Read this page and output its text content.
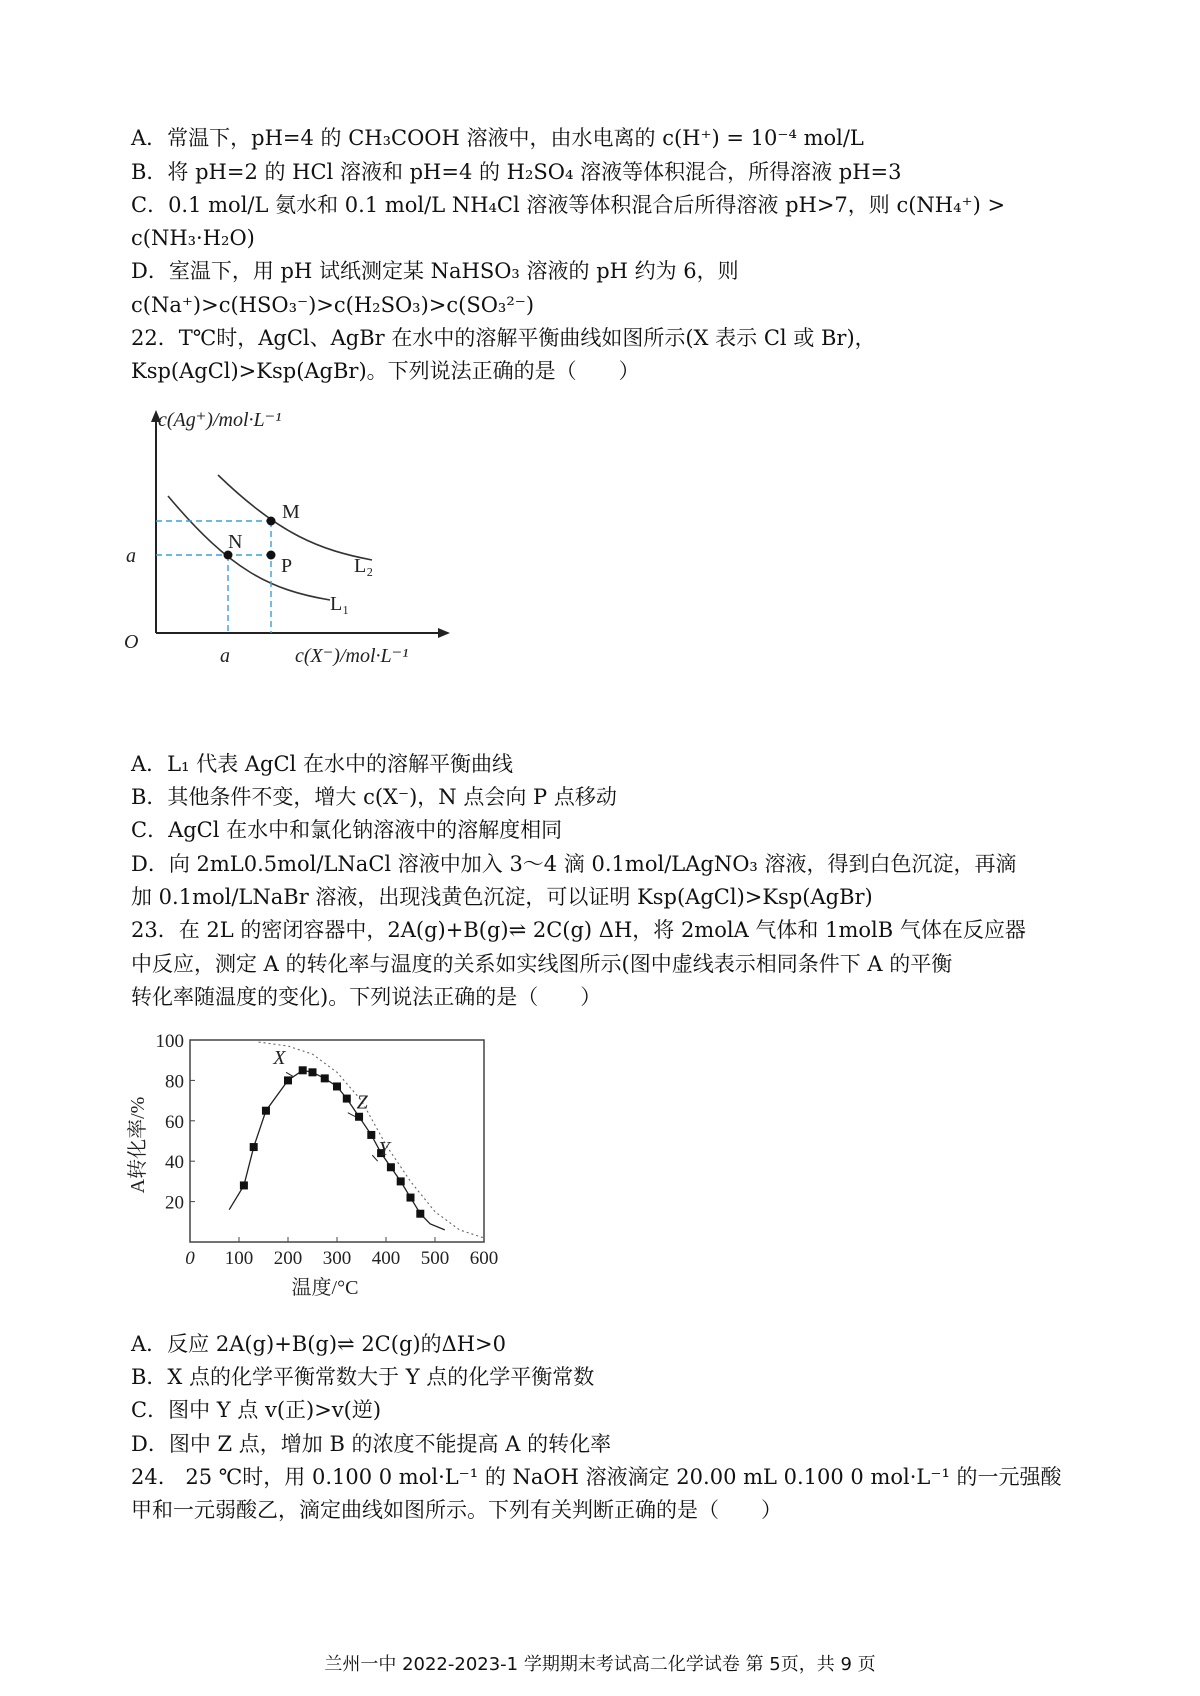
A．常温下，pH=4 的 CH₃COOH 溶液中，由水电离的 c(H⁺) = 10⁻⁴ mol/L
B．将 pH=2 的 HCl 溶液和 pH=4 的 H₂SO₄ 溶液等体积混合，所得溶液 pH=3
C．0.1 mol/L 氨水和 0.1 mol/L NH₄Cl 溶液等体积混合后所得溶液 pH>7，则 c(NH₄⁺) >
c(NH₃·H₂O)
D．室温下，用 pH 试纸测定某 NaHSO₃ 溶液的 pH 约为 6，则
c(Na⁺)>c(HSO₃⁻)>c(H₂SO₃)>c(SO₃²⁻)
22．T℃时，AgCl、AgBr 在水中的溶解平衡曲线如图所示(X 表示 Cl 或 Br)，
Ksp(AgCl)>Ksp(AgBr)。下列说法正确的是（　　）
c(Ag⁺)/mol·L⁻¹
c(X⁻)/mol·L⁻¹
O
a
a
M
N
P	L₂
L₁
A．L₁ 代表 AgCl 在水中的溶解平衡曲线
B．其他条件不变，增大 c(X⁻)，N 点会向 P 点移动
C．AgCl 在水中和氯化钠溶液中的溶解度相同
D．向 2mL0.5mol/LNaCl 溶液中加入 3～4 滴 0.1mol/LAgNO₃ 溶液，得到白色沉淀，再滴
加 0.1mol/LNaBr 溶液，出现浅黄色沉淀，可以证明 Ksp(AgCl)>Ksp(AgBr)
23．在 2L 的密闭容器中，2A(g)+B(g)⇌ 2C(g) ΔH，将 2molA 气体和 1molB 气体在反应器
中反应，测定 A 的转化率与温度的关系如实线图所示(图中虚线表示相同条件下 A 的平衡
转化率随温度的变化)。下列说法正确的是（　　）
0 100 200 300 400 500 600
20
40
60
80
100
温度/°C
A转化率/%
X
Z
Y
A．反应 2A(g)+B(g)⇌ 2C(g)的ΔH>0
B．X 点的化学平衡常数大于 Y 点的化学平衡常数
C．图中 Y 点 v(正)>v(逆)
D．图中 Z 点，增加 B 的浓度不能提高 A 的转化率
24.　25 ℃时，用 0.100 0 mol·L⁻¹ 的 NaOH 溶液滴定 20.00 mL 0.100 0 mol·L⁻¹ 的一元强酸
甲和一元弱酸乙，滴定曲线如图所示。下列有关判断正确的是（　　）
兰州一中 2022-2023-1 学期期末考试高二化学试卷 第 5页，共 9 页
